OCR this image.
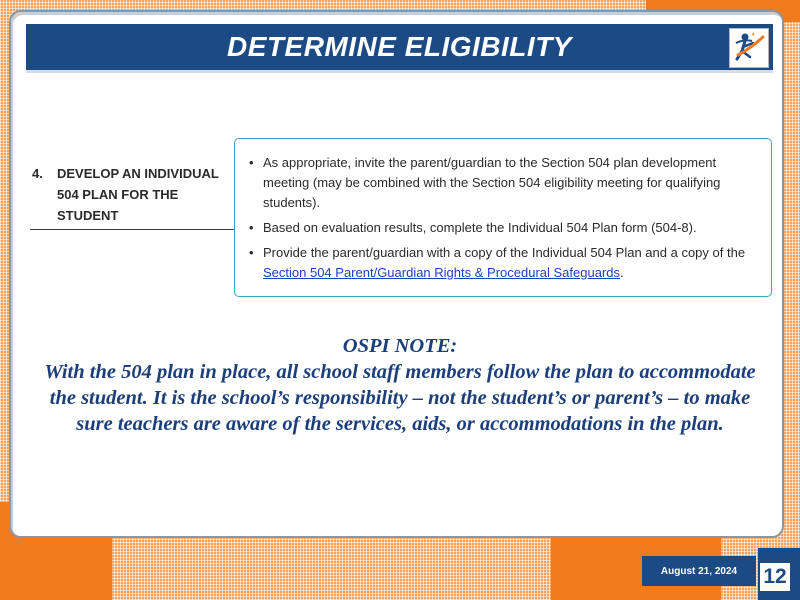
DETERMINE ELIGIBILITY
4. DEVELOP AN INDIVIDUAL 504 PLAN FOR THE STUDENT
• As appropriate, invite the parent/guardian to the Section 504 plan development meeting (may be combined with the Section 504 eligibility meeting for qualifying students).
• Based on evaluation results, complete the Individual 504 Plan form (504-8).
• Provide the parent/guardian with a copy of the Individual 504 Plan and a copy of the Section 504 Parent/Guardian Rights & Procedural Safeguards.
OSPI NOTE:
With the 504 plan in place, all school staff members follow the plan to accommodate the student. It is the school’s responsibility – not the student’s or parent’s – to make sure teachers are aware of the services, aids, or accommodations in the plan.
August 21, 2024	12
